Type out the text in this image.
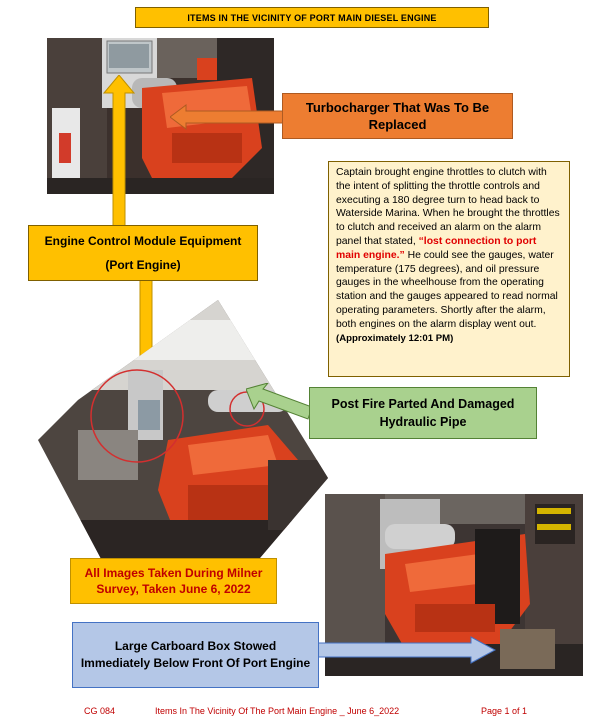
ITEMS IN THE VICINITY OF PORT MAIN DIESEL ENGINE
Turbocharger That Was To Be Replaced
Captain brought engine throttles to clutch with the intent of splitting the throttle controls and executing a 180 degree turn to head back to Waterside Marina. When he brought the throttles to clutch and received an alarm on the alarm panel that stated, “lost connection to port main engine.” He could see the gauges, water temperature (175 degrees), and oil pressure gauges in the wheelhouse from the operating station and the gauges appeared to read normal operating parameters. Shortly after the alarm, both engines on the alarm display went out. (Approximately 12:01 PM)
Engine Control Module Equipment
(Port Engine)
Post Fire Parted And Damaged Hydraulic Pipe
All Images Taken During Milner Survey, Taken June 6, 2022
Large Carboard Box Stowed Immediately Below Front Of Port Engine
CG 084	Items In The Vicinity Of The Port Main Engine _ June 6_2022	Page 1 of 1
